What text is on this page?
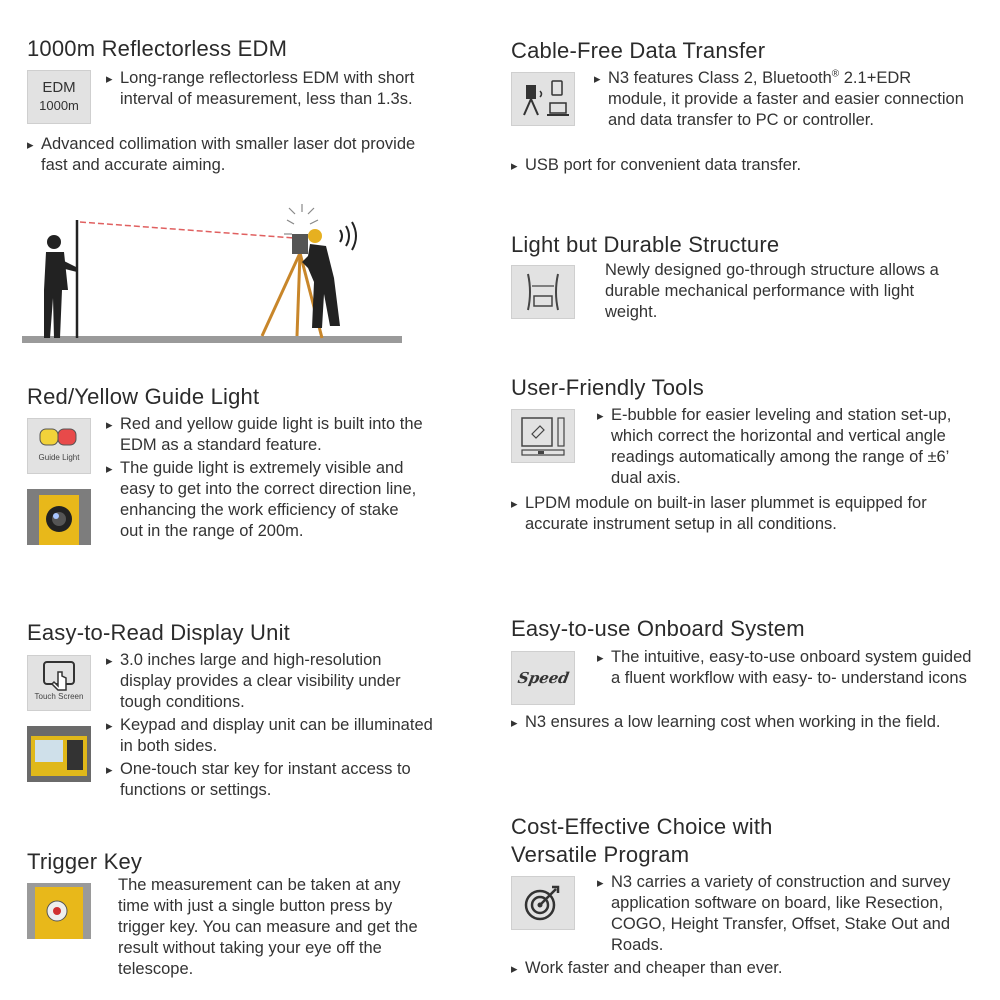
1000m Reflectorless EDM
EDM
1000m

▸ Long-range reflectorless EDM with short interval of measurement, less than 1.3s.

▸ Advanced collimation with smaller laser dot provide fast and accurate aiming.

Red/Yellow Guide Light
Guide Light

▸ Red and yellow guide light is built into the EDM as a standard feature.

▸ The guide light is extremely visible and easy to get into the correct direction line, enhancing the work efficiency of stake out in the range of 200m.

Easy-to-Read Display Unit
Touch Screen

▸ 3.0 inches large and high-resolution display provides a clear visibility under tough conditions.

▸ Keypad and display unit can be illuminated in both sides.

▸ One-touch star key for instant access to functions or settings.

Trigger Key
The measurement can be taken at any time with just a single button press by trigger key. You can measure and get the result without taking your eye off the telescope.
Cable-Free Data Transfer

▸ N3 features Class 2, Bluetooth® 2.1+EDR module, it provide a faster and easier connection and data transfer to PC or controller.

▸ USB port for convenient data transfer.

Light but Durable Structure
Newly designed go-through structure allows a durable mechanical performance with light weight.
User-Friendly Tools

▸ E-bubble for easier leveling and station set-up, which correct the horizontal and vertical angle readings automatically among the range of ±6’ dual axis.

▸ LPDM module on built-in laser plummet is equipped for accurate instrument setup in all conditions.

Easy-to-use Onboard System
Speed

▸ The intuitive, easy-to-use onboard system guided a fluent workflow with easy- to- understand icons

▸ N3 ensures a low learning cost when working in the field.

Cost-Effective Choice with
Versatile Program

▸ N3 carries a variety of construction and survey application software on board, like Resection, COGO, Height Transfer, Offset, Stake Out and Roads.

▸ Work faster and cheaper than ever.
